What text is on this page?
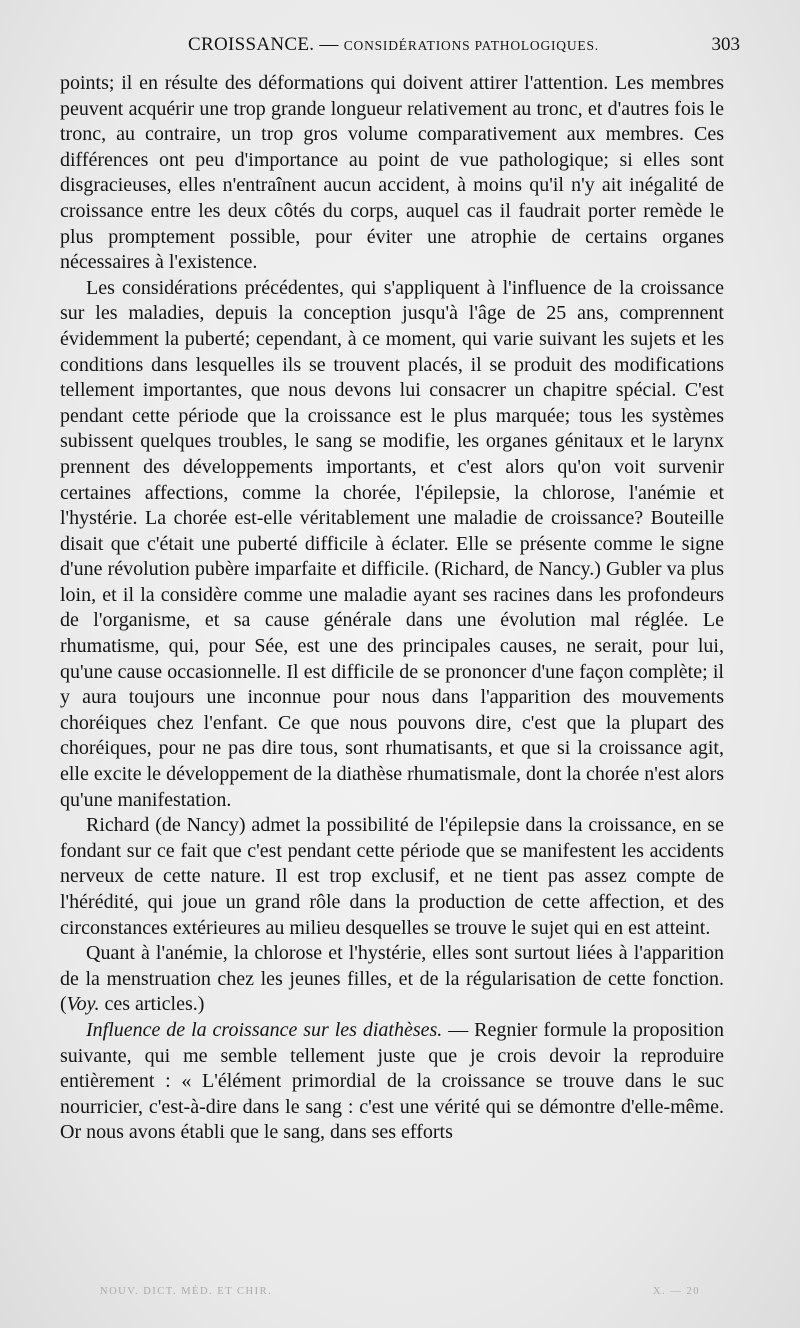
CROISSANCE. — CONSIDÉRATIONS PATHOLOGIQUES.	303

points; il en résulte des déformations qui doivent attirer l'attention. Les membres peuvent acquérir une trop grande longueur relativement au tronc, et d'autres fois le tronc, au contraire, un trop gros volume comparativement aux membres. Ces différences ont peu d'importance au point de vue pathologique; si elles sont disgracieuses, elles n'entraînent aucun accident, à moins qu'il n'y ait inégalité de croissance entre les deux côtés du corps, auquel cas il faudrait porter remède le plus promptement possible, pour éviter une atrophie de certains organes nécessaires à l'existence.

Les considérations précédentes, qui s'appliquent à l'influence de la croissance sur les maladies, depuis la conception jusqu'à l'âge de 25 ans, comprennent évidemment la puberté; cependant, à ce moment, qui varie suivant les sujets et les conditions dans lesquelles ils se trouvent placés, il se produit des modifications tellement importantes, que nous devons lui consacrer un chapitre spécial. C'est pendant cette période que la croissance est le plus marquée; tous les systèmes subissent quelques troubles, le sang se modifie, les organes génitaux et le larynx prennent des développements importants, et c'est alors qu'on voit survenir certaines affections, comme la chorée, l'épilepsie, la chlorose, l'anémie et l'hystérie. La chorée est-elle véritablement une maladie de croissance? Bouteille disait que c'était une puberté difficile à éclater. Elle se présente comme le signe d'une révolution pubère imparfaite et difficile. (Richard, de Nancy.) Gubler va plus loin, et il la considère comme une maladie ayant ses racines dans les profondeurs de l'organisme, et sa cause générale dans une évolution mal réglée. Le rhumatisme, qui, pour Sée, est une des principales causes, ne serait, pour lui, qu'une cause occasionnelle. Il est difficile de se prononcer d'une façon complète; il y aura toujours une inconnue pour nous dans l'apparition des mouvements choréiques chez l'enfant. Ce que nous pouvons dire, c'est que la plupart des choréiques, pour ne pas dire tous, sont rhumatisants, et que si la croissance agit, elle excite le développement de la diathèse rhumatismale, dont la chorée n'est alors qu'une manifestation.

Richard (de Nancy) admet la possibilité de l'épilepsie dans la croissance, en se fondant sur ce fait que c'est pendant cette période que se manifestent les accidents nerveux de cette nature. Il est trop exclusif, et ne tient pas assez compte de l'hérédité, qui joue un grand rôle dans la production de cette affection, et des circonstances extérieures au milieu desquelles se trouve le sujet qui en est atteint.

Quant à l'anémie, la chlorose et l'hystérie, elles sont surtout liées à l'apparition de la menstruation chez les jeunes filles, et de la régularisation de cette fonction. (Voy. ces articles.)

Influence de la croissance sur les diathèses. — Regnier formule la proposition suivante, qui me semble tellement juste que je crois devoir la reproduire entièrement : « L'élément primordial de la croissance se trouve dans le suc nourricier, c'est-à-dire dans le sang : c'est une vérité qui se démontre d'elle-même. Or nous avons établi que le sang, dans ses efforts

NOUV. DICT. MÉD. ET CHIR.	X. — 20
